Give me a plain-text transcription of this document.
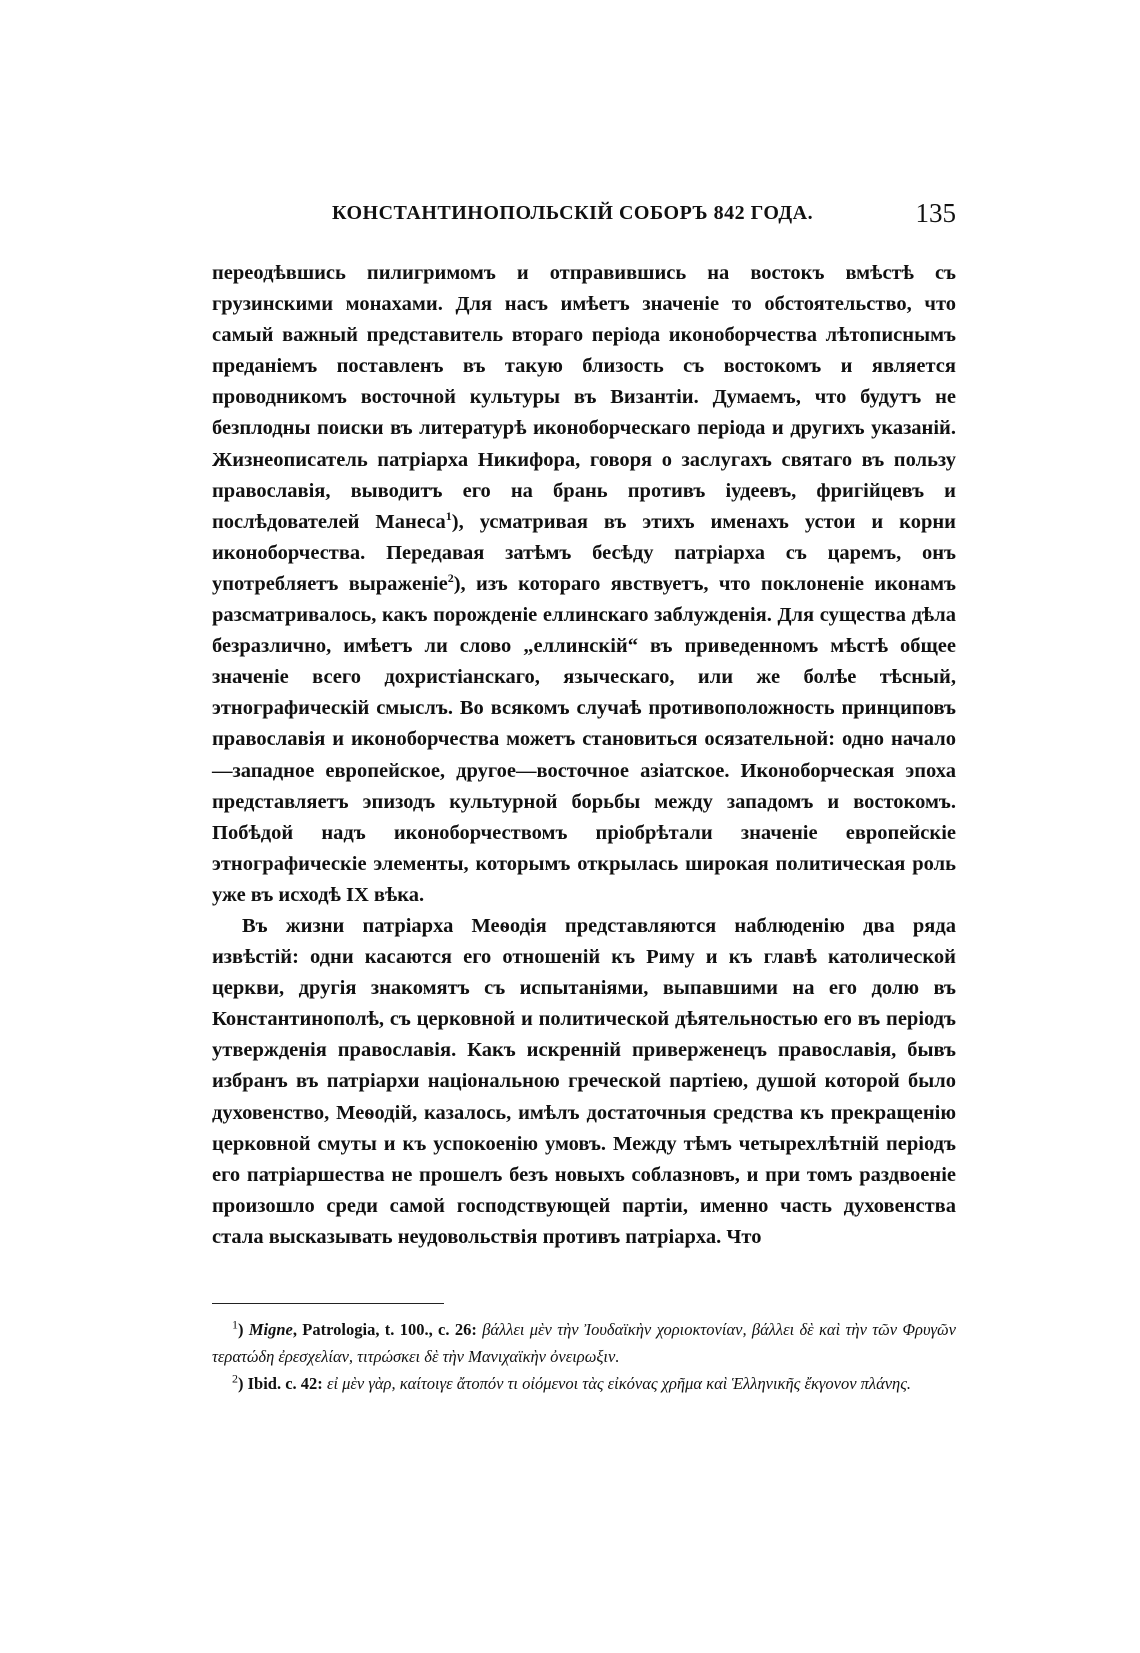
КОНСТАНТИНОПОЛЬСКІЙ СОБОРЪ 842 ГОДА.	135

переодѣвшись пилигримомъ и отправившись на востокъ вмѣстѣ съ грузинскими монахами. Для насъ имѣетъ значеніе то обстоятельство, что самый важный представитель втораго періода иконоборчества лѣтописнымъ преданіемъ поставленъ въ такую близость съ востокомъ и является проводникомъ восточной культуры въ Византіи. Думаемъ, что будутъ не безплодны поиски въ литературѣ иконоборческаго періода и другихъ указаній. Жизнеописатель патріарха Никифора, говоря о заслугахъ святаго въ пользу православія, выводитъ его на брань противъ іудеевъ, фригійцевъ и послѣдователей Манеса$^1$), усматривая въ этихъ именахъ устои и корни иконоборчества. Передавая затѣмъ бесѣду патріарха съ царемъ, онъ употребляетъ выраженіе$^2$), изъ котораго явствуетъ, что поклоненіе иконамъ разсматривалось, какъ порожденіе еллинскаго заблужденія. Для существа дѣла безразлично, имѣетъ ли слово „еллинскій“ въ приведенномъ мѣстѣ общее значеніе всего дохристіанскаго, языческаго, или же болѣе тѣсный, этнографическій смыслъ. Во всякомъ случаѣ противоположность принциповъ православія и иконоборчества можетъ становиться осязательной: одно начало—западное европейское, другое—восточное азіатское. Иконоборческая эпоха представляетъ эпизодъ культурной борьбы между западомъ и востокомъ. Побѣдой надъ иконоборчествомъ пріобрѣтали значеніе европейскіе этнографическіе элементы, которымъ открылась широкая политическая роль уже въ исходѣ IX вѣка.

Въ жизни патріарха Меѳодія представляются наблюденію два ряда извѣстій: одни касаются его отношеній къ Риму и къ главѣ католической церкви, другія знакомятъ съ испытаніями, выпавшими на его долю въ Константинополѣ, съ церковной и политической дѣятельностью его въ періодъ утвержденія православія. Какъ искренній приверженецъ православія, бывъ избранъ въ патріархи національною греческой партіею, душой которой было духовенство, Меѳодій, казалось, имѣлъ достаточныя средства къ прекращенію церковной смуты и къ успокоенію умовъ. Между тѣмъ четырехлѣтній періодъ его патріаршества не прошелъ безъ новыхъ соблазновъ, и при томъ раздвоеніе произошло среди самой господствующей партіи, именно часть духовенства стала высказывать неудовольствія противъ патріарха. Что

$^1$) Migne, Patrologia, t. 100., c. 26: βάλλει μὲν τὴν Ἰουδαϊκὴν χοριοκτονίαν, βάλλει δὲ καὶ τὴν τῶν Φρυγῶν τερατώδη ἐρεσχελίαν, τιτρώσκει δὲ τὴν Μανιχαϊκὴν ὀνειρωξιν.

$^2$) Ibid. c. 42: εἰ μὲν γὰρ, καίτοιγε ἄτοπόν τι οἰόμενοι τὰς εἰκόνας χρῆμα καὶ Ἑλληνικῆς ἔκγονον πλάνης.
